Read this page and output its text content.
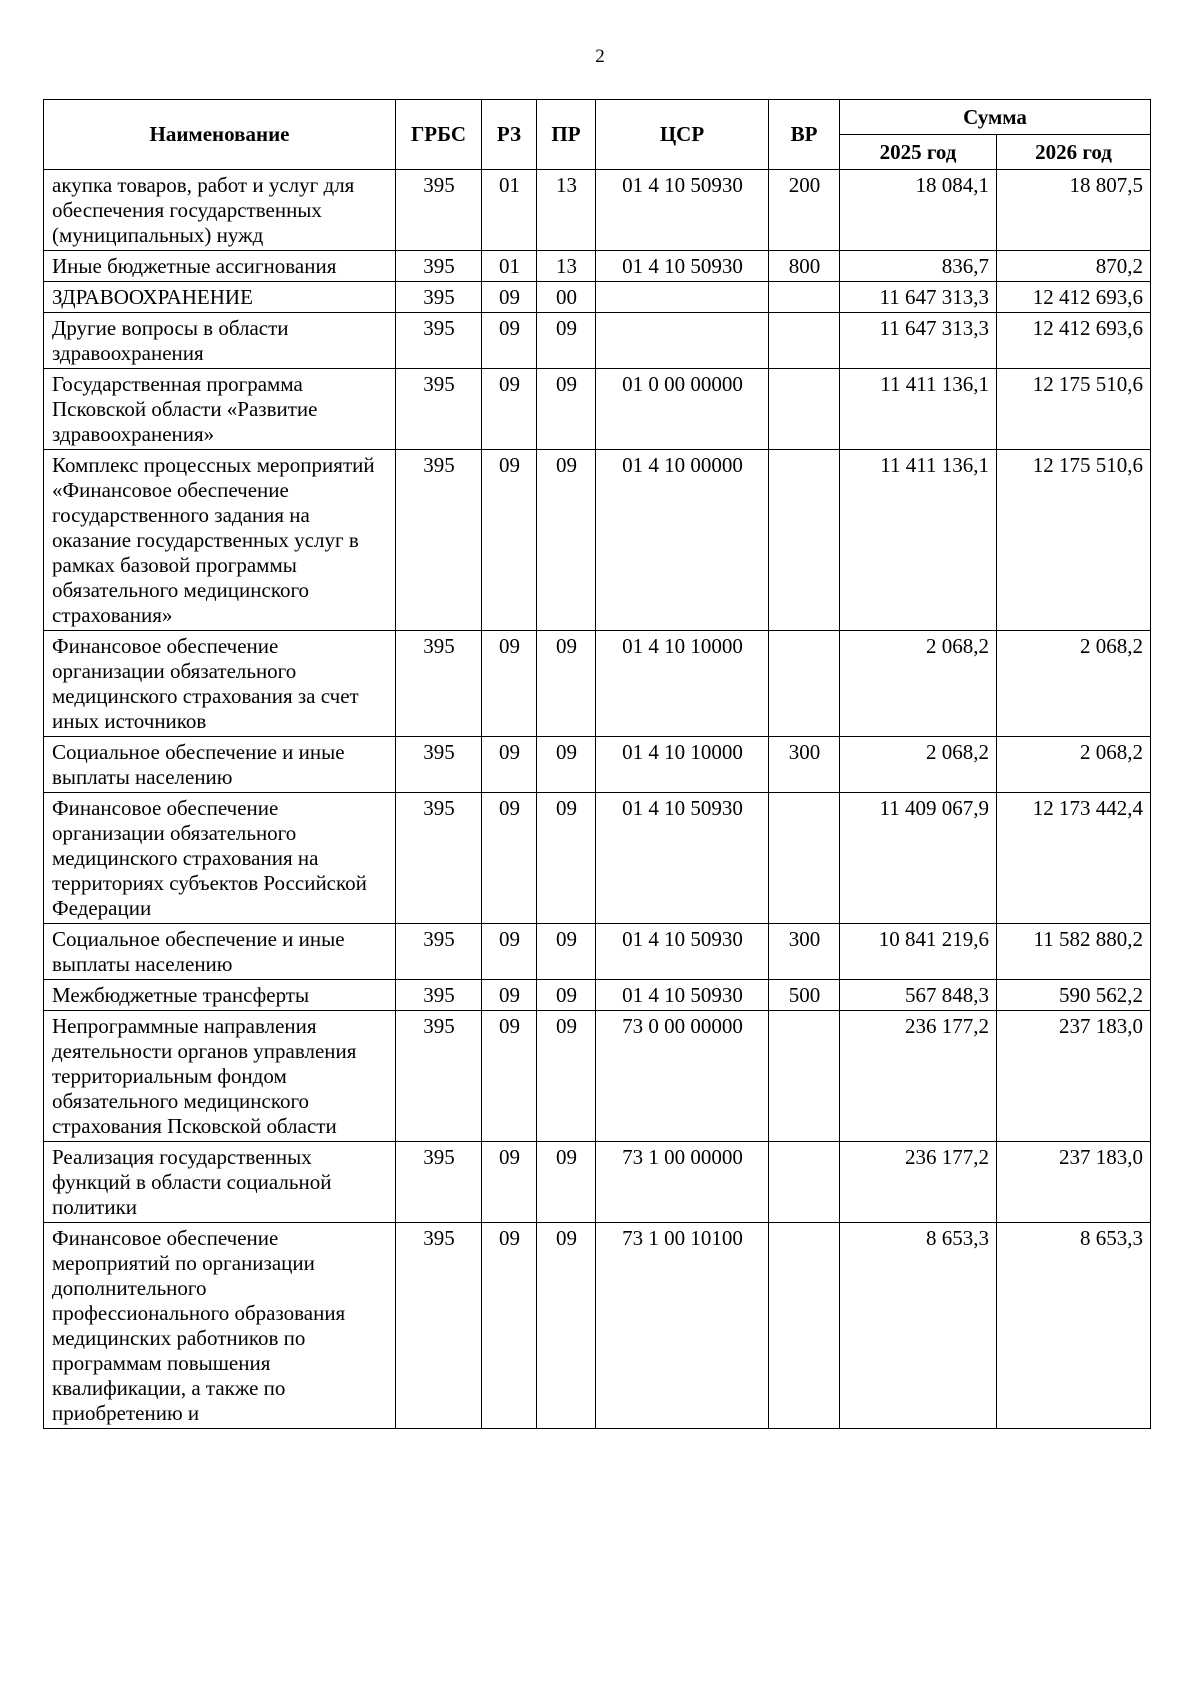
2
Наименование	ГРБС	РЗ	ПР	ЦСР	ВР	Сумма	
						2025 год	2026 год
акупка товаров, работ и услуг для обеспечения государственных (муниципальных) нужд	395	01	13	01 4 10 50930	200	18 084,1	18 807,5
Иные бюджетные ассигнования	395	01	13	01 4 10 50930	800	836,7	870,2
ЗДРАВООХРАНЕНИЕ	395	09	00			11 647 313,3	12 412 693,6
Другие вопросы в области здравоохранения	395	09	09			11 647 313,3	12 412 693,6
Государственная программа Псковской области «Развитие здравоохранения»	395	09	09	01 0 00 00000		11 411 136,1	12 175 510,6
Комплекс процессных мероприятий «Финансовое обеспечение государственного задания на оказание государственных услуг в рамках базовой программы обязательного медицинского страхования»	395	09	09	01 4 10 00000		11 411 136,1	12 175 510,6
Финансовое обеспечение организации обязательного медицинского страхования за счет иных источников	395	09	09	01 4 10 10000		2 068,2	2 068,2
Социальное обеспечение и иные выплаты населению	395	09	09	01 4 10 10000	300	2 068,2	2 068,2
Финансовое обеспечение организации обязательного медицинского страхования на территориях субъектов Российской Федерации	395	09	09	01 4 10 50930		11 409 067,9	12 173 442,4
Социальное обеспечение и иные выплаты населению	395	09	09	01 4 10 50930	300	10 841 219,6	11 582 880,2
Межбюджетные трансферты	395	09	09	01 4 10 50930	500	567 848,3	590 562,2
Непрограммные направления деятельности органов управления территориальным фондом обязательного медицинского страхования Псковской области	395	09	09	73 0 00 00000		236 177,2	237 183,0
Реализация государственных функций в области социальной политики	395	09	09	73 1 00 00000		236 177,2	237 183,0
Финансовое обеспечение мероприятий по организации дополнительного профессионального образования медицинских работников по программам повышения квалификации, а также по приобретению и	395	09	09	73 1 00 10100		8 653,3	8 653,3
